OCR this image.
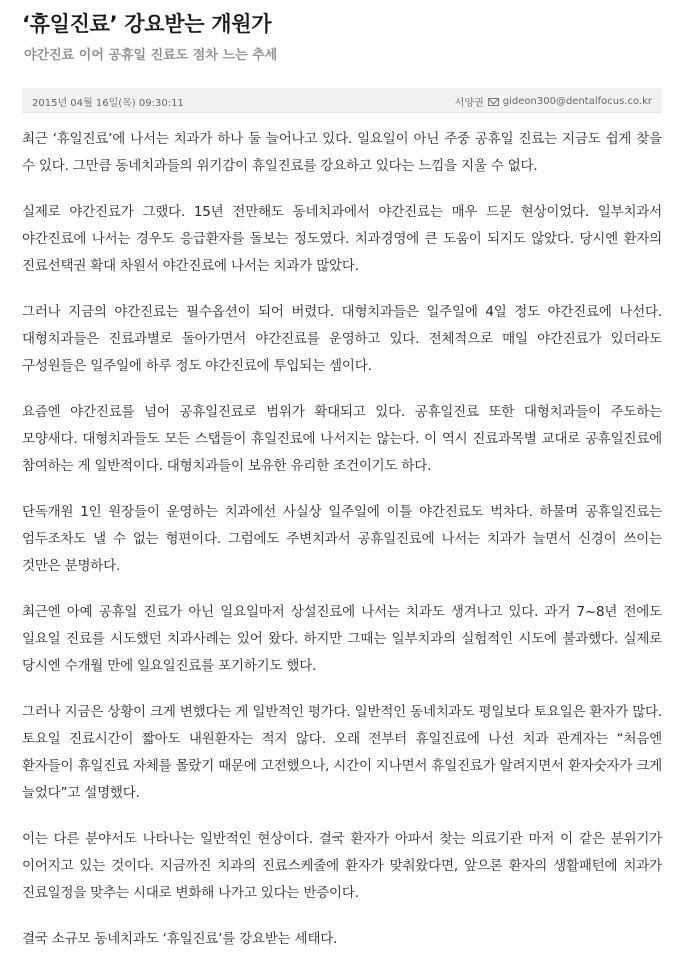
‘휴일진료’ 강요받는 개원가
야간진료 이어 공휴일 진료도 점차 느는 추세
2015년 04월 16일(목) 09:30:11	서양권 gideon300@dentalfocus.co.kr

최근 ‘휴일진료’에 나서는 치과가 하나 둘 늘어나고 있다. 일요일이 아닌 주중 공휴일 진료는 지금도 쉽게 찾을 수 있다. 그만큼 동네치과들의 위기감이 휴일진료를 강요하고 있다는 느낌을 지울 수 없다.

실제로 야간진료가 그랬다. 15년 전만해도 동네치과에서 야간진료는 매우 드문 현상이었다. 일부치과서 야간진료에 나서는 경우도 응급환자를 돌보는 정도였다. 치과경영에 큰 도움이 되지도 않았다. 당시엔 환자의 진료선택권 확대 차원서 야간진료에 나서는 치과가 많았다.

그러나 지금의 야간진료는 필수옵션이 되어 버렸다. 대형치과들은 일주일에 4일 정도 야간진료에 나선다. 대형치과들은 진료과별로 돌아가면서 야간진료를 운영하고 있다. 전체적으로 매일 야간진료가 있더라도 구성원들은 일주일에 하루 정도 야간진료에 투입되는 셈이다.

요즘엔 야간진료를 넘어 공휴일진료로 범위가 확대되고 있다. 공휴일진료 또한 대형치과들이 주도하는 모양새다. 대형치과들도 모든 스탭들이 휴일진료에 나서지는 않는다. 이 역시 진료과목별 교대로 공휴일진료에 참여하는 게 일반적이다. 대형치과들이 보유한 유리한 조건이기도 하다.

단독개원 1인 원장들이 운영하는 치과에선 사실상 일주일에 이틀 야간진료도 벅차다. 하물며 공휴일진료는 엄두조차도 낼 수 없는 형편이다. 그럼에도 주변치과서 공휴일진료에 나서는 치과가 늘면서 신경이 쓰이는 것만은 분명하다.

최근엔 아예 공휴일 진료가 아닌 일요일마저 상설진료에 나서는 치과도 생겨나고 있다. 과거 7~8년 전에도 일요일 진료를 시도했던 치과사례는 있어 왔다. 하지만 그때는 일부치과의 실험적인 시도에 불과했다. 실제로 당시엔 수개월 만에 일요일진료를 포기하기도 했다.

그러나 지금은 상황이 크게 변했다는 게 일반적인 평가다. 일반적인 동네치과도 평일보다 토요일은 환자가 많다. 토요일 진료시간이 짧아도 내원환자는 적지 않다. 오래 전부터 휴일진료에 나선 치과 관계자는 “처음엔 환자들이 휴일진료 자체를 몰랐기 때문에 고전했으나, 시간이 지나면서 휴일진료가 알려지면서 환자숫자가 크게 늘었다”고 설명했다.

이는 다른 분야서도 나타나는 일반적인 현상이다. 결국 환자가 아파서 찾는 의료기관 마저 이 같은 분위기가 이어지고 있는 것이다. 지금까진 치과의 진료스케줄에 환자가 맞춰왔다면, 앞으론 환자의 생활패턴에 치과가 진료일정을 맞추는 시대로 변화해 나가고 있다는 반증이다.

결국 소규모 동네치과도 ‘휴일진료’를 강요받는 세태다.
